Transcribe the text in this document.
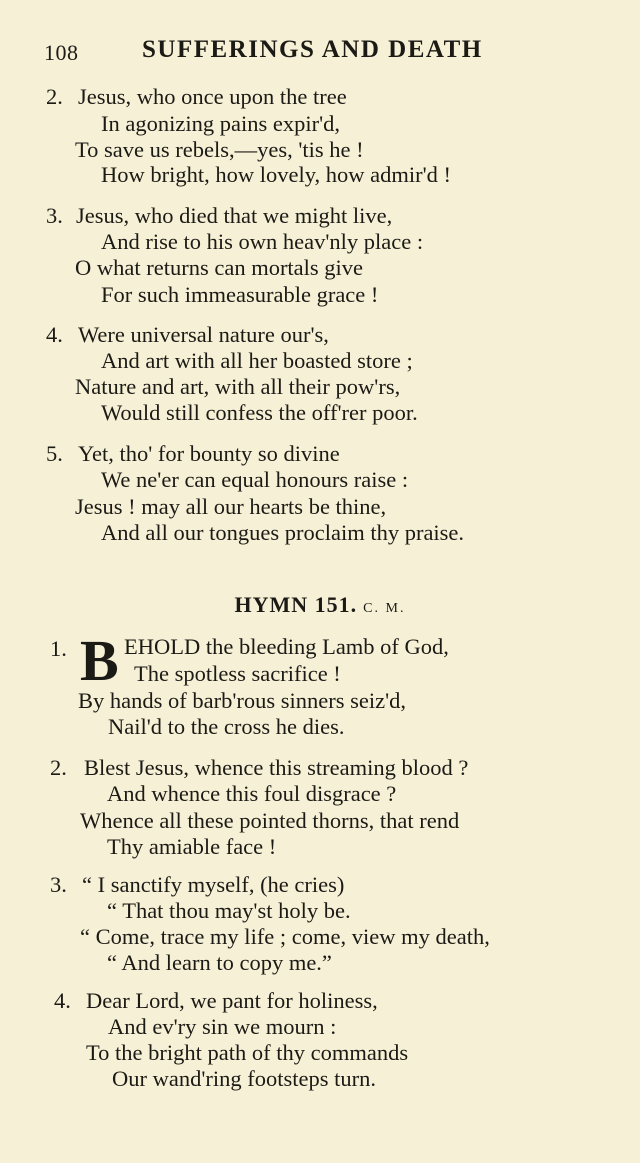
108	SUFFERINGS AND DEATH
2. Jesus, who once upon the tree
In agonizing pains expir'd,
To save us rebels,—yes, 'tis he !
How bright, how lovely, how admir'd !
3. Jesus, who died that we might live,
And rise to his own heav'nly place :
O what returns can mortals give
For such immeasurable grace !
4. Were universal nature our's,
And art with all her boasted store ;
Nature and art, with all their pow'rs,
Would still confess the off'rer poor.
5. Yet, tho' for bounty so divine
We ne'er can equal honours raise :
Jesus ! may all our hearts be thine,
And all our tongues proclaim thy praise.
HYMN 151. C. M.
1. B EHOLD the bleeding Lamb of God,
The spotless sacrifice !
By hands of barb'rous sinners seiz'd,
Nail'd to the cross he dies.
2. Blest Jesus, whence this streaming blood ?
And whence this foul disgrace ?
Whence all these pointed thorns, that rend
Thy amiable face !
3. “ I sanctify myself, (he cries)
“ That thou may'st holy be.
“ Come, trace my life ; come, view my death,
“ And learn to copy me.”
4. Dear Lord, we pant for holiness,
And ev'ry sin we mourn :
To the bright path of thy commands
Our wand'ring footsteps turn.
